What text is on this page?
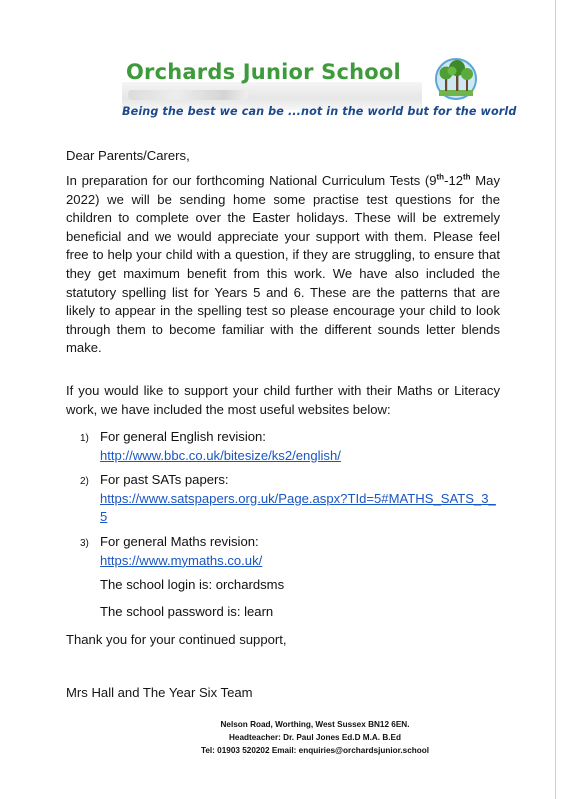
Orchards Junior School
Being the best we can be ...not in the world but for the world
Dear Parents/Carers,
In preparation for our forthcoming National Curriculum Tests (9th-12th May 2022) we will be sending home some practise test questions for the children to complete over the Easter holidays. These will be extremely beneficial and we would appreciate your support with them. Please feel free to help your child with a question, if they are struggling, to ensure that they get maximum benefit from this work. We have also included the statutory spelling list for Years 5 and 6. These are the patterns that are likely to appear in the spelling test so please encourage your child to look through them to become familiar with the different sounds letter blends make.
If you would like to support your child further with their Maths or Literacy work, we have included the most useful websites below:
1) For general English revision:
http://www.bbc.co.uk/bitesize/ks2/english/
2) For past SATs papers:
https://www.satspapers.org.uk/Page.aspx?TId=5#MATHS_SATS_3_5
3) For general Maths revision:
https://www.mymaths.co.uk/
The school login is: orchardsms
The school password is: learn
Thank you for your continued support,
Mrs Hall and The Year Six Team
Nelson Road, Worthing, West Sussex BN12 6EN.
Headteacher: Dr. Paul Jones Ed.D M.A. B.Ed
Tel: 01903 520202 Email: enquiries@orchardsjunior.school
